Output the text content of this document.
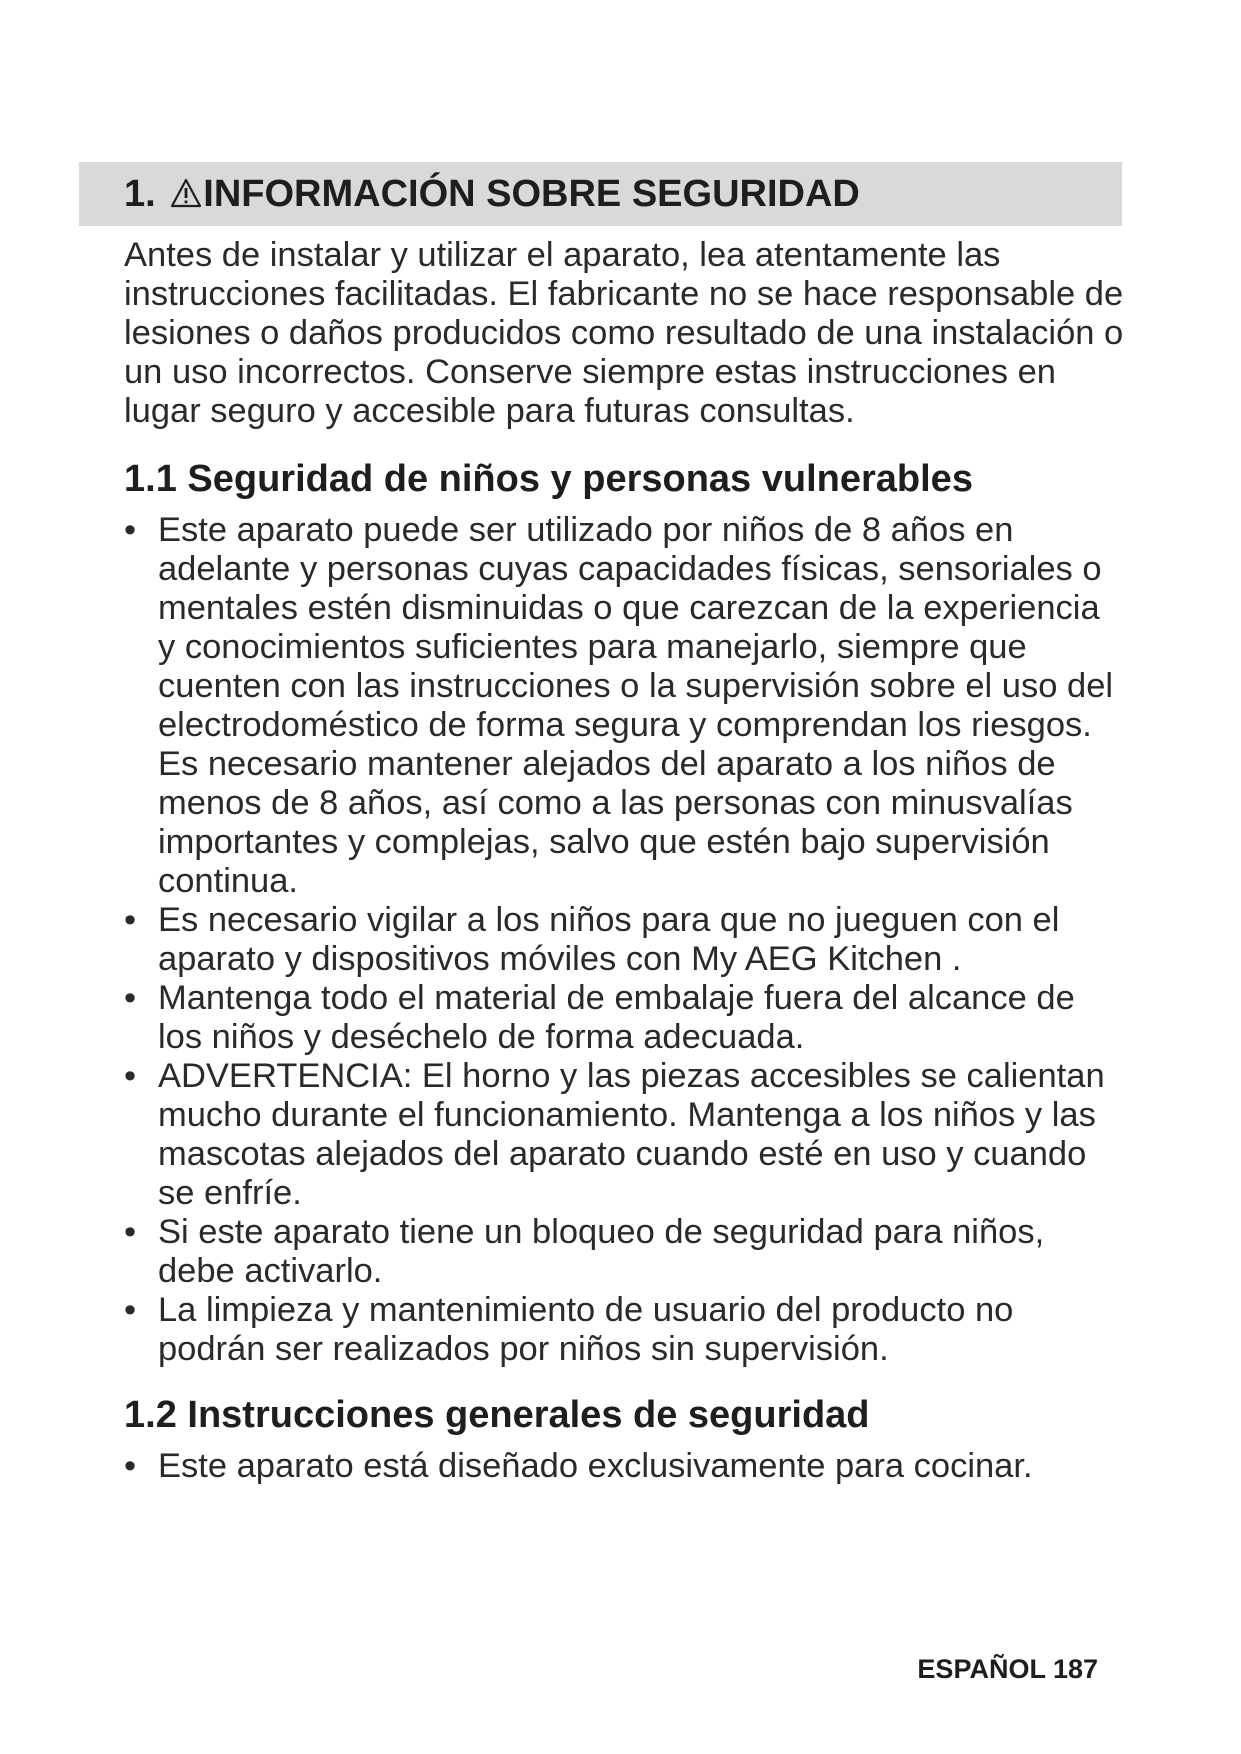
1. INFORMACIÓN SOBRE SEGURIDAD

Antes de instalar y utilizar el aparato, lea atentamente las instrucciones facilitadas. El fabricante no se hace responsable de lesiones o daños producidos como resultado de una instalación o un uso incorrectos. Conserve siempre estas instrucciones en lugar seguro y accesible para futuras consultas.

1.1 Seguridad de niños y personas vulnerables
• Este aparato puede ser utilizado por niños de 8 años en adelante y personas cuyas capacidades físicas, sensoriales o mentales estén disminuidas o que carezcan de la experiencia y conocimientos suficientes para manejarlo, siempre que cuenten con las instrucciones o la supervisión sobre el uso del electrodoméstico de forma segura y comprendan los riesgos. Es necesario mantener alejados del aparato a los niños de menos de 8 años, así como a las personas con minusvalías importantes y complejas, salvo que estén bajo supervisión continua.
• Es necesario vigilar a los niños para que no jueguen con el aparato y dispositivos móviles con My AEG Kitchen .
• Mantenga todo el material de embalaje fuera del alcance de los niños y deséchelo de forma adecuada.
• ADVERTENCIA: El horno y las piezas accesibles se calientan mucho durante el funcionamiento. Mantenga a los niños y las mascotas alejados del aparato cuando esté en uso y cuando se enfríe.
• Si este aparato tiene un bloqueo de seguridad para niños, debe activarlo.
• La limpieza y mantenimiento de usuario del producto no podrán ser realizados por niños sin supervisión.
1.2 Instrucciones generales de seguridad
• Este aparato está diseñado exclusivamente para cocinar.
ESPAÑOL 187
